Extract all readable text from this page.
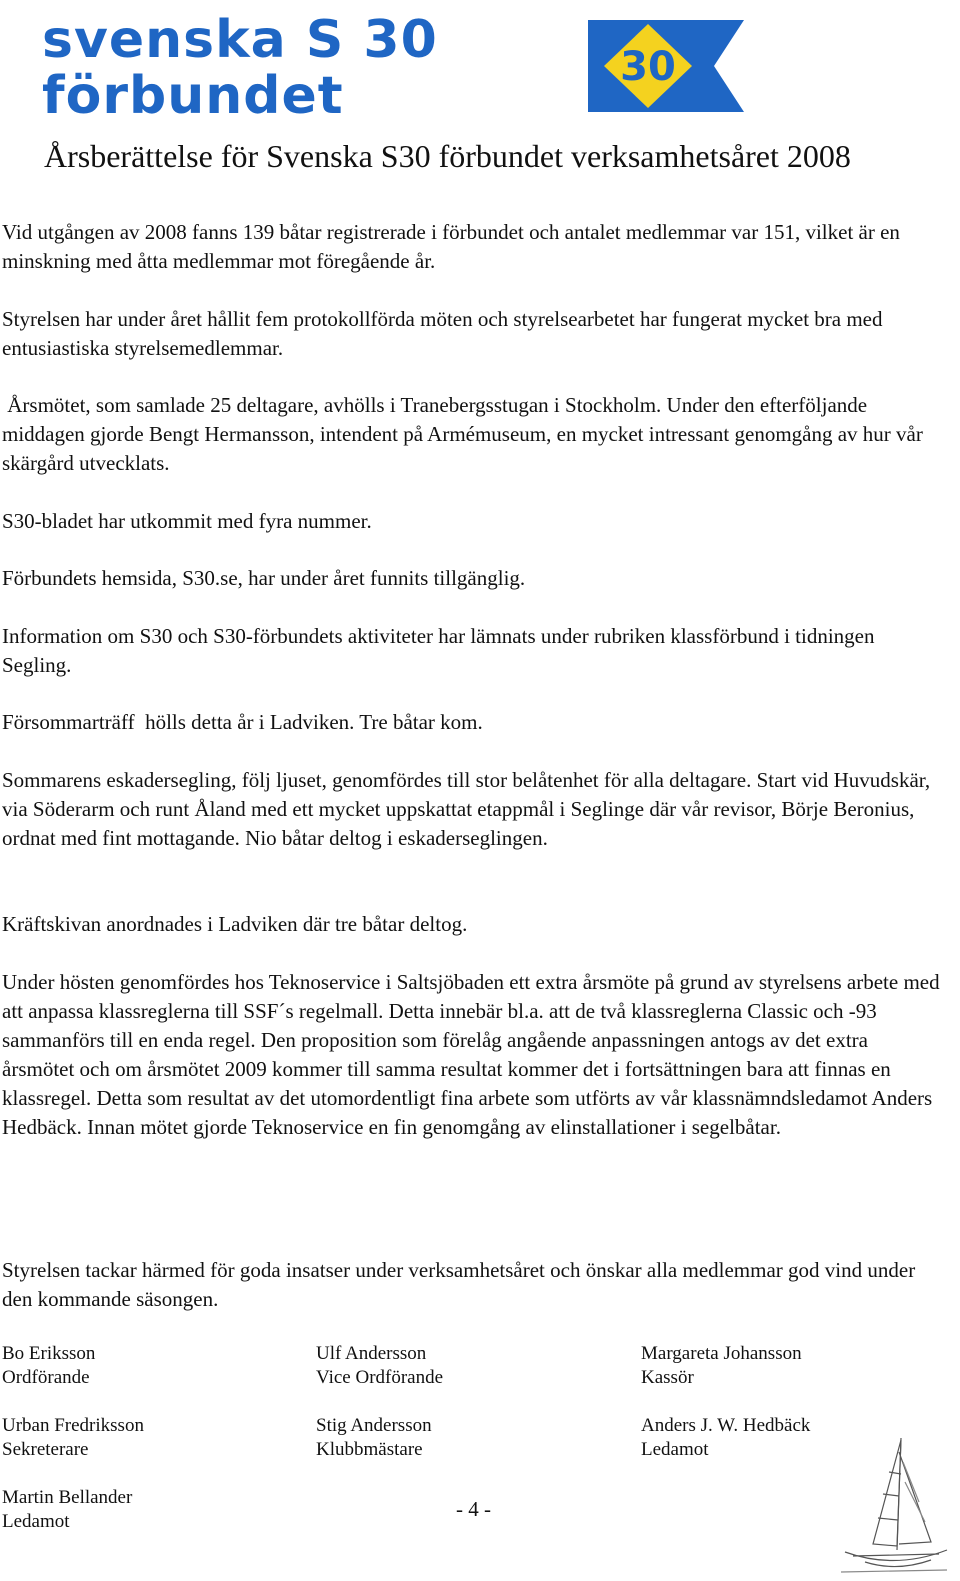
svenska S 30
förbundet	30
Årsberättelse för Svenska S30 förbundet verksamhetsåret 2008

Vid utgången av 2008 fanns 139 båtar registrerade i förbundet och antalet medlemmar var 151, vilket är en minskning med åtta medlemmar mot föregående år.

Styrelsen har under året hållit fem protokollförda möten och styrelsearbetet har fungerat mycket bra med entusiastiska styrelsemedlemmar.

Årsmötet, som samlade 25 deltagare, avhölls i Tranebergsstugan i Stockholm. Under den efterföljande middagen gjorde Bengt Hermansson, intendent på Armémuseum, en mycket intressant genomgång av hur vår skärgård utvecklats.

S30-bladet har utkommit med fyra nummer.

Förbundets hemsida, S30.se, har under året funnits tillgänglig.

Information om S30 och S30-förbundets aktiviteter har lämnats under rubriken klassförbund i tidningen Segling.

Försommarträff  hölls detta år i Ladviken. Tre båtar kom.

Sommarens eskadersegling, följ ljuset, genomfördes till stor belåtenhet för alla deltagare. Start vid Huvudskär, via Söderarm och runt Åland med ett mycket uppskattat etappmål i Seglinge där vår revisor, Börje Beronius, ordnat med fint mottagande. Nio båtar deltog i eskaderseglingen.

Kräftskivan anordnades i Ladviken där tre båtar deltog.

Under hösten genomfördes hos Teknoservice i Saltsjöbaden ett extra årsmöte på grund av styrelsens arbete med att anpassa klassreglerna till SSF´s regelmall. Detta innebär bl.a. att de två klassreglerna Classic och -93 sammanförs till en enda regel. Den proposition som förelåg angående anpassningen antogs av det extra årsmötet och om årsmötet 2009 kommer till samma resultat kommer det i fortsättningen bara att finnas en klassregel. Detta som resultat av det utomordentligt fina arbete som utförts av vår klassnämndsledamot Anders Hedbäck. Innan mötet gjorde Teknoservice en fin genomgång av elinstallationer i segelbåtar.

Styrelsen tackar härmed för goda insatser under verksamhetsåret och önskar alla medlemmar god vind under den kommande säsongen.

Bo Eriksson
Ordförande
Ulf Andersson
Vice Ordförande
Margareta Johansson
Kassör
Urban Fredriksson
Sekreterare
Stig Andersson
Klubbmästare
Anders J. W. Hedbäck
Ledamot
Martin Bellander
Ledamot
- 4 -
